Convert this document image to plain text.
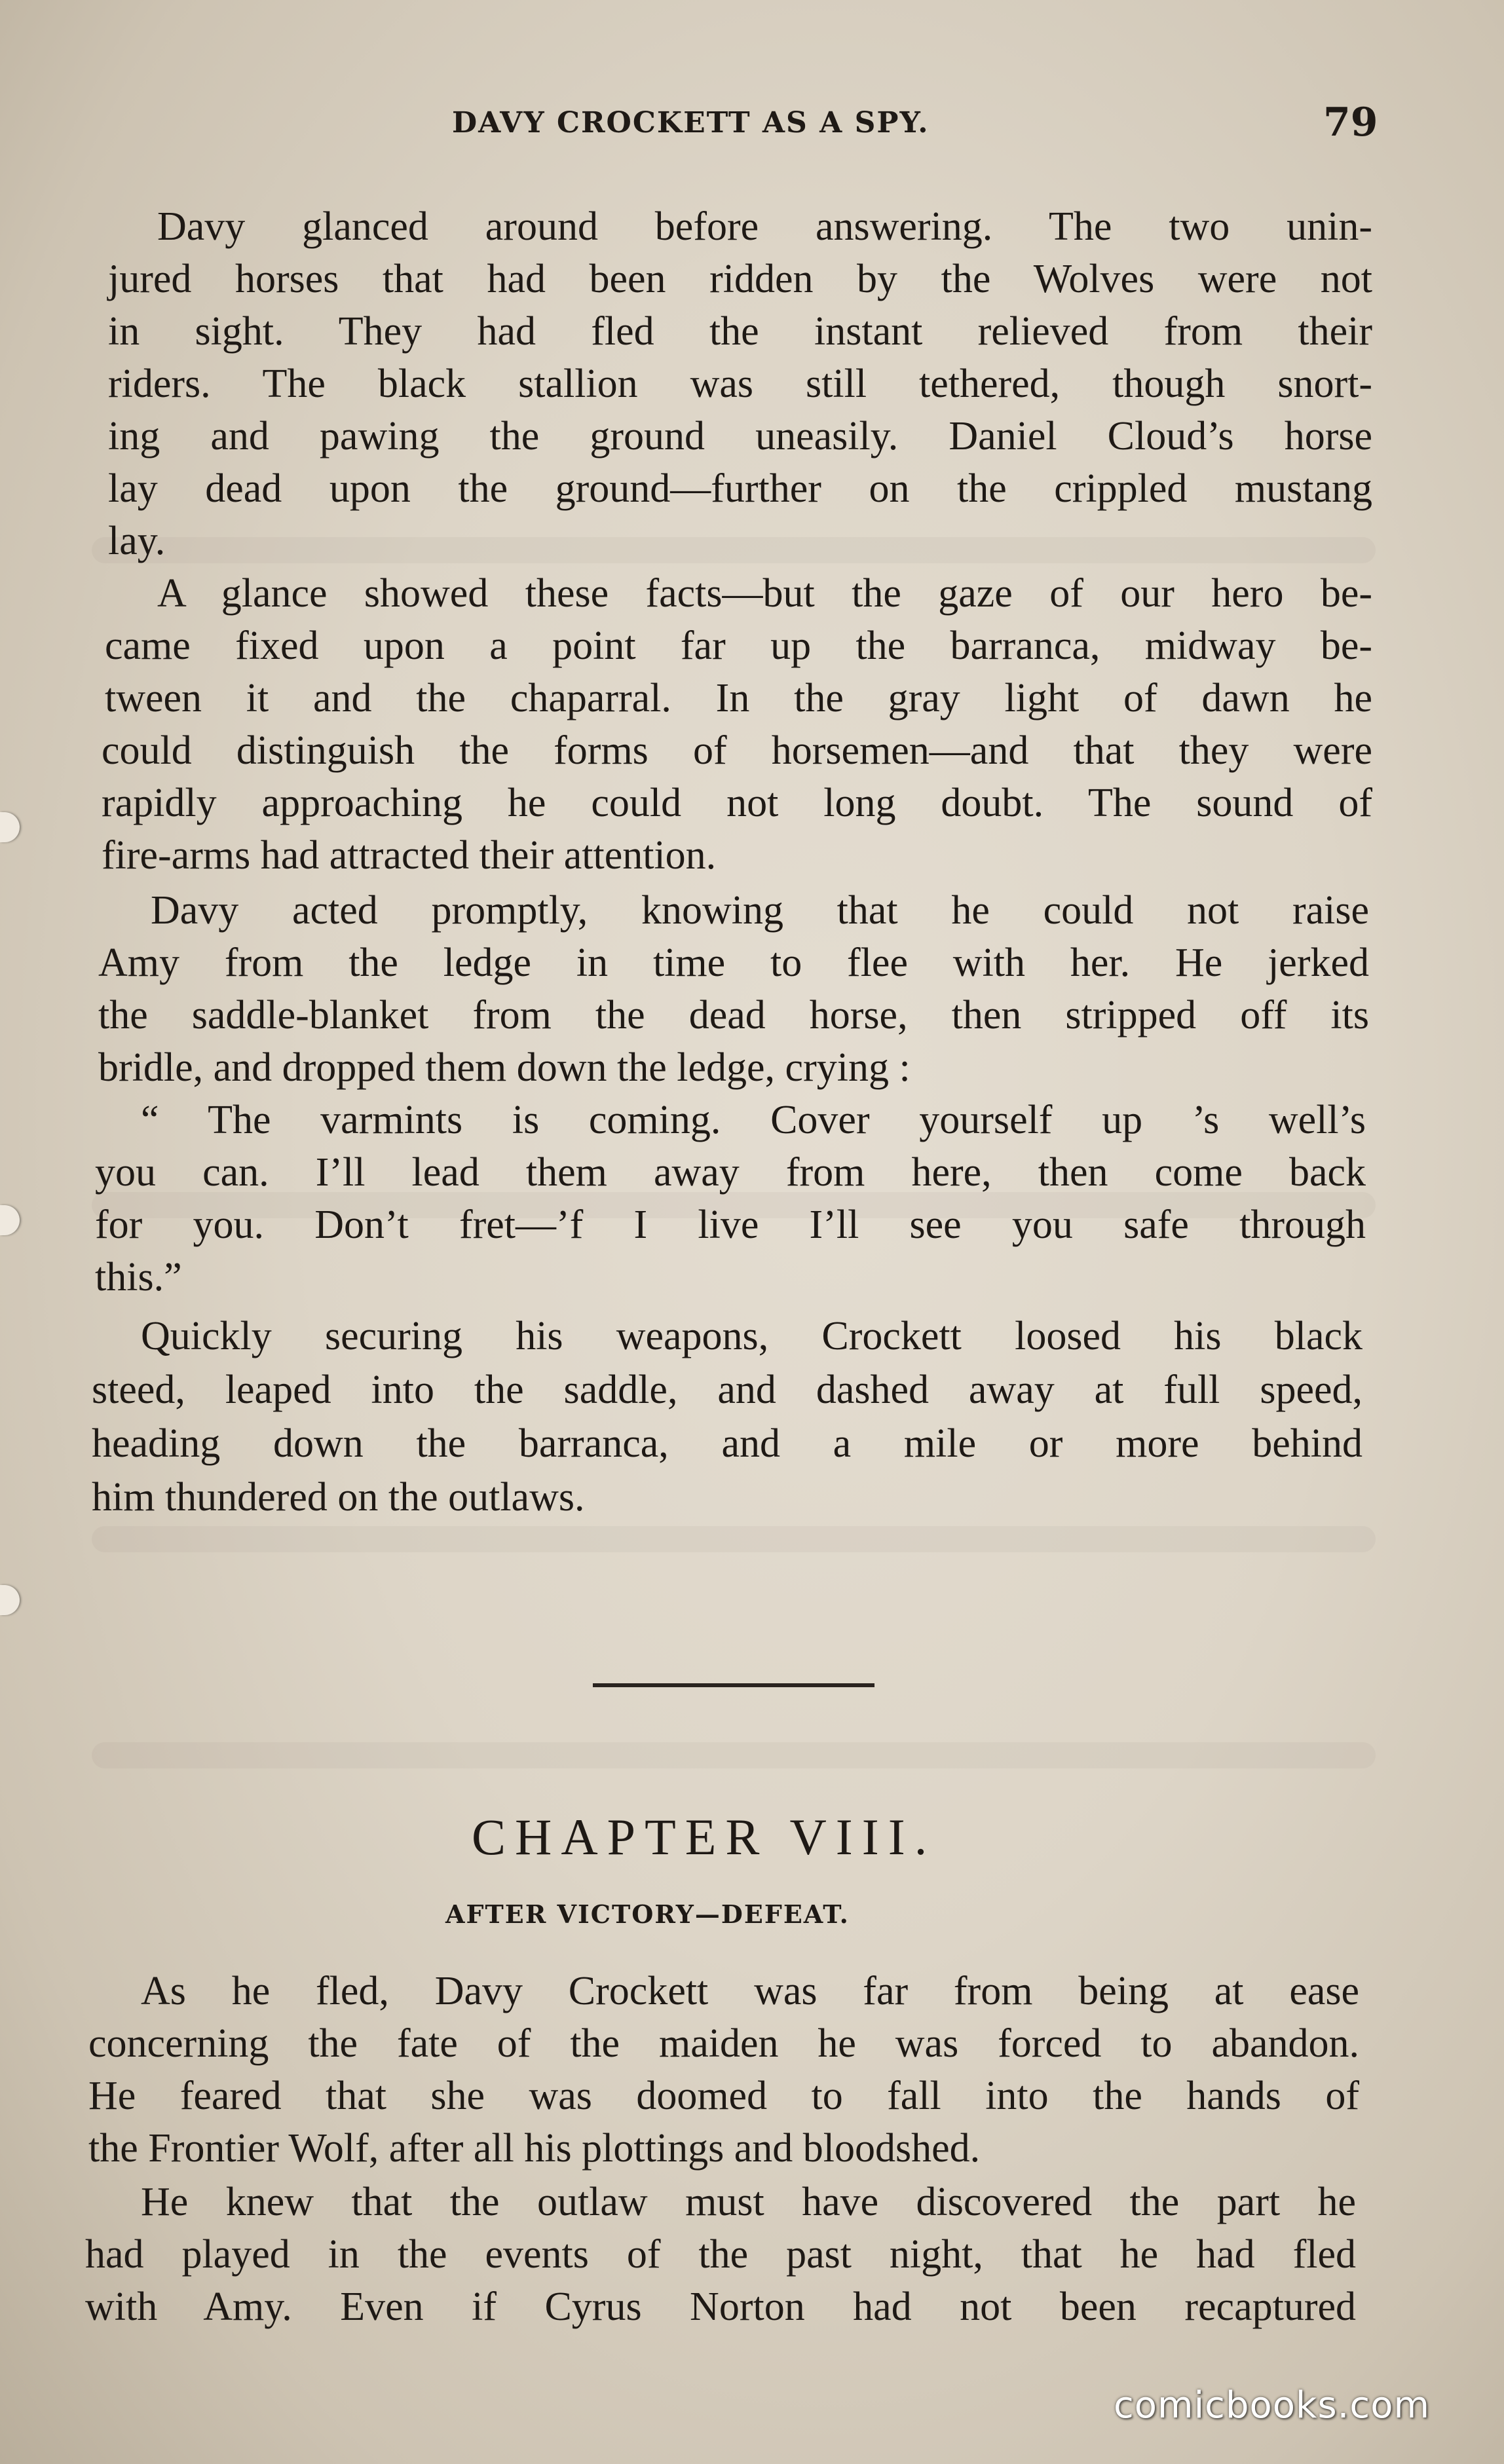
DAVY CROCKETT AS A SPY.	79
Davy glanced around before answering. The two unin-
jured horses that had been ridden by the Wolves were not
in sight. They had fled the instant relieved from their
riders. The black stallion was still tethered, though snort-
ing and pawing the ground uneasily. Daniel Cloud’s horse
lay dead upon the ground—further on the crippled mustang
lay.
A glance showed these facts—but the gaze of our hero be-
came fixed upon a point far up the barranca, midway be-
tween it and the chaparral. In the gray light of dawn he
could distinguish the forms of horsemen—and that they were
rapidly approaching he could not long doubt. The sound of
fire-arms had attracted their attention.
Davy acted promptly, knowing that he could not raise
Amy from the ledge in time to flee with her. He jerked
the saddle-blanket from the dead horse, then stripped off its
bridle, and dropped them down the ledge, crying :
“ The varmints is coming. Cover yourself up ’s well’s
you can. I’ll lead them away from here, then come back
for you. Don’t fret—’f I live I’ll see you safe through
this.”
Quickly securing his weapons, Crockett loosed his black
steed, leaped into the saddle, and dashed away at full speed,
heading down the barranca, and a mile or more behind
him thundered on the outlaws.
CHAPTER VIII.
AFTER VICTORY—DEFEAT.
As he fled, Davy Crockett was far from being at ease
concerning the fate of the maiden he was forced to abandon.
He feared that she was doomed to fall into the hands of
the Frontier Wolf, after all his plottings and bloodshed.
He knew that the outlaw must have discovered the part he
had played in the events of the past night, that he had fled
with Amy. Even if Cyrus Norton had not been recaptured
comicbooks.com
